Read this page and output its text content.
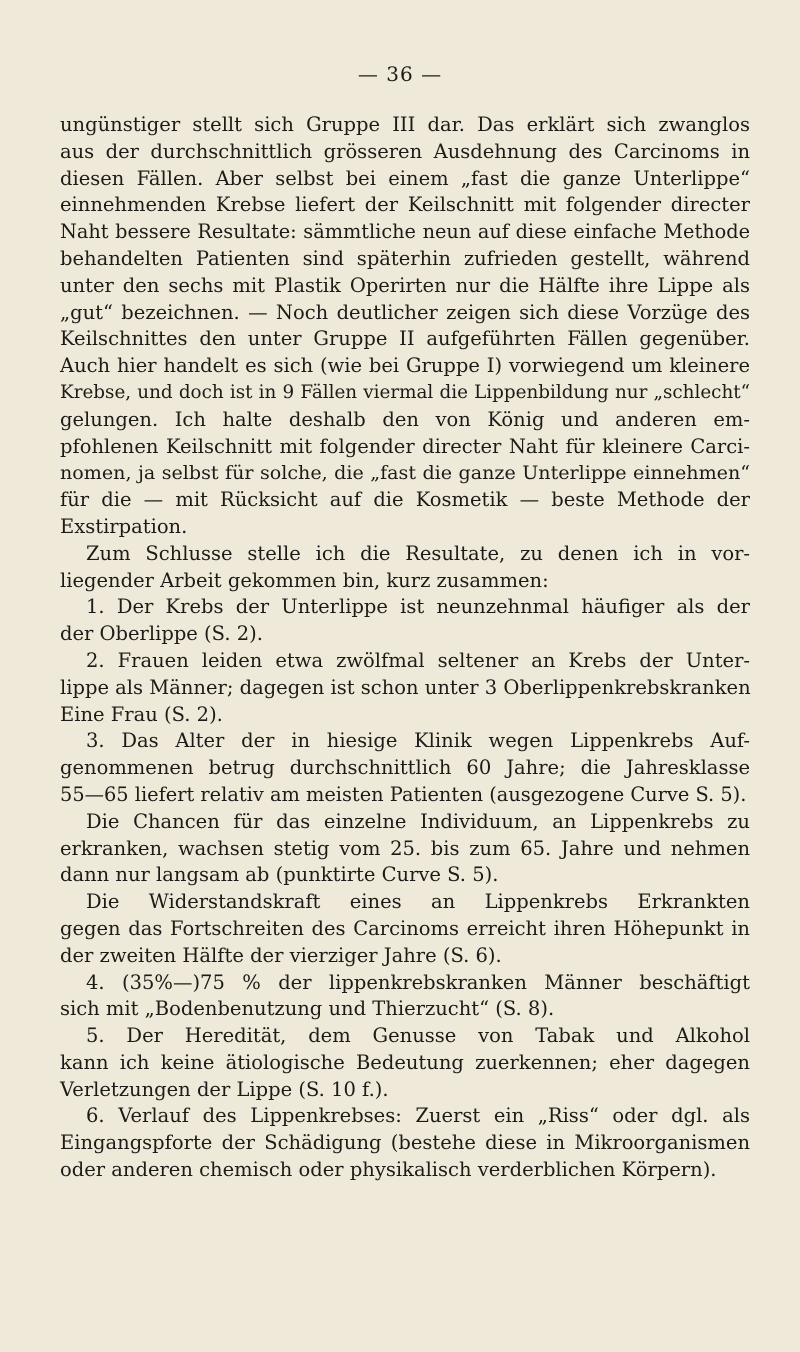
— 36 —
ungünstiger stellt sich Gruppe III dar. Das erklärt sich zwanglos
aus der durchschnittlich grösseren Ausdehnung des Carcinoms in
diesen Fällen. Aber selbst bei einem „fast die ganze Unterlippe“
einnehmenden Krebse liefert der Keilschnitt mit folgender directer
Naht bessere Resultate: sämmtliche neun auf diese einfache Methode
behandelten Patienten sind späterhin zufrieden gestellt, während
unter den sechs mit Plastik Operirten nur die Hälfte ihre Lippe als
„gut“ bezeichnen. — Noch deutlicher zeigen sich diese Vorzüge des
Keilschnittes den unter Gruppe II aufgeführten Fällen gegenüber.
Auch hier handelt es sich (wie bei Gruppe I) vorwiegend um kleinere
Krebse, und doch ist in 9 Fällen viermal die Lippenbildung nur „schlecht“
gelungen. Ich halte deshalb den von König und anderen em-
pfohlenen Keilschnitt mit folgender directer Naht für kleinere Carci-
nomen, ja selbst für solche, die „fast die ganze Unterlippe einnehmen“
für die — mit Rücksicht auf die Kosmetik — beste Methode der
Exstirpation.
Zum Schlusse stelle ich die Resultate, zu denen ich in vor-
liegender Arbeit gekommen bin, kurz zusammen:
1. Der Krebs der Unterlippe ist neunzehnmal häufiger als der
der Oberlippe (S. 2).
2. Frauen leiden etwa zwölfmal seltener an Krebs der Unter-
lippe als Männer; dagegen ist schon unter 3 Oberlippenkrebskranken
Eine Frau (S. 2).
3. Das Alter der in hiesige Klinik wegen Lippenkrebs Auf-
genommenen betrug durchschnittlich 60 Jahre; die Jahresklasse
55—65 liefert relativ am meisten Patienten (ausgezogene Curve S. 5).
Die Chancen für das einzelne Individuum, an Lippenkrebs zu
erkranken, wachsen stetig vom 25. bis zum 65. Jahre und nehmen
dann nur langsam ab (punktirte Curve S. 5).
Die Widerstandskraft eines an Lippenkrebs Erkrankten
gegen das Fortschreiten des Carcinoms erreicht ihren Höhepunkt in
der zweiten Hälfte der vierziger Jahre (S. 6).
4. (35%—)75 % der lippenkrebskranken Männer beschäftigt
sich mit „Bodenbenutzung und Thierzucht“ (S. 8).
5. Der Heredität, dem Genusse von Tabak und Alkohol
kann ich keine ätiologische Bedeutung zuerkennen; eher dagegen
Verletzungen der Lippe (S. 10 f.).
6. Verlauf des Lippenkrebses: Zuerst ein „Riss“ oder dgl. als
Eingangspforte der Schädigung (bestehe diese in Mikroorganismen
oder anderen chemisch oder physikalisch verderblichen Körpern).
